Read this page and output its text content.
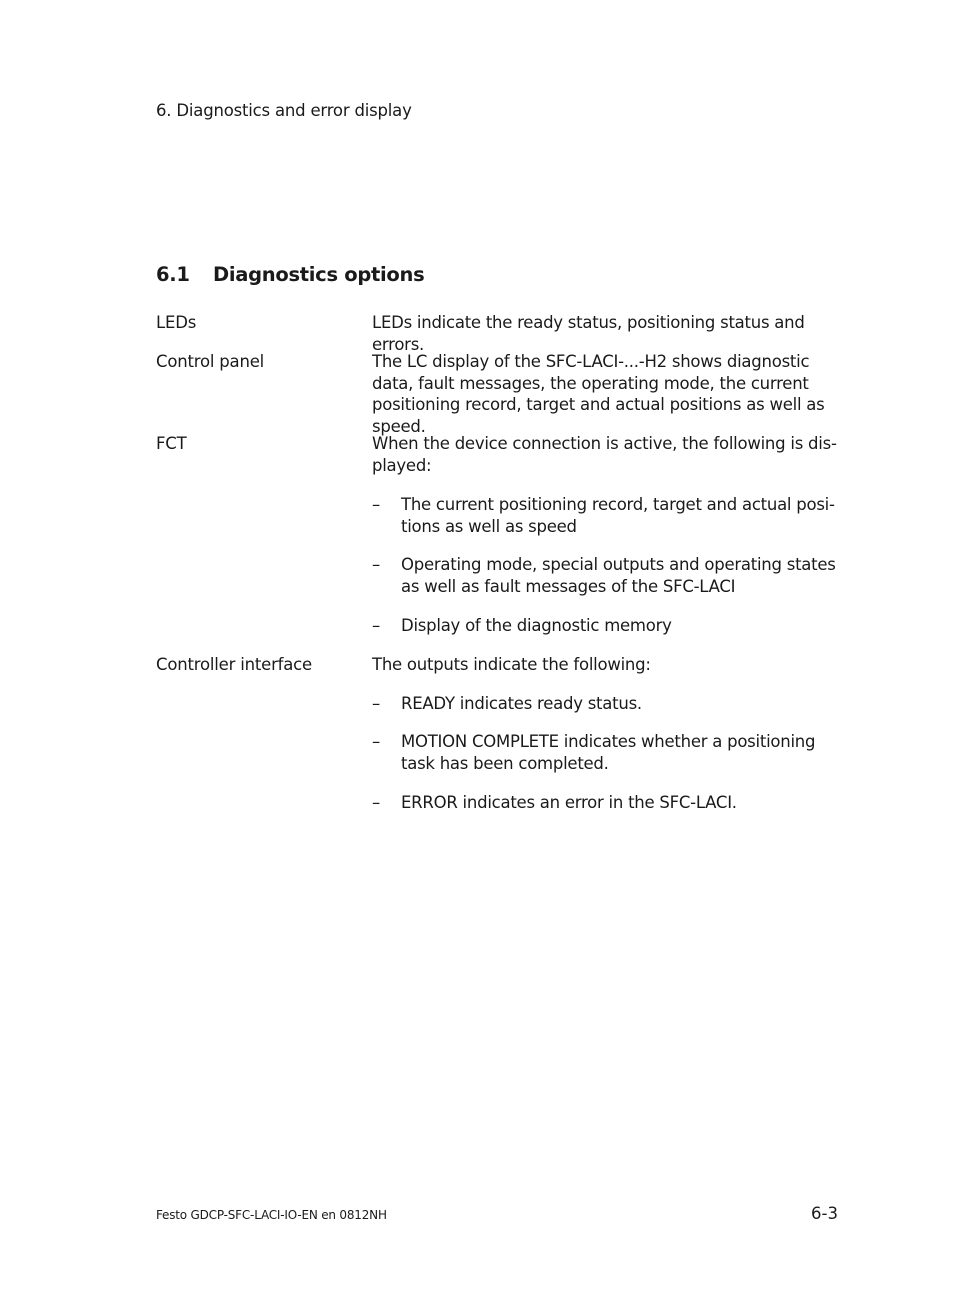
6. Diagnostics and error display
6.1 Diagnostics options
LEDs	LEDs indicate the ready status, positioning status and errors.
Control panel	The LC display of the SFC-LACI-...-H2 shows diagnostic data, fault messages, the operating mode, the current positioning record, target and actual positions as well as speed.
FCT	When the device connection is active, the following is dis-played:
–	The current positioning record, target and actual posi-tions as well as speed
–	Operating mode, special outputs and operating states as well as fault messages of the SFC-LACI
–	Display of the diagnostic memory
Controller interface	The outputs indicate the following:
–	READY indicates ready status.
–	MOTION COMPLETE indicates whether a positioning task has been completed.
–	ERROR indicates an error in the SFC-LACI.
Festo GDCP-SFC-LACI-IO-EN en 0812NH	6-3
